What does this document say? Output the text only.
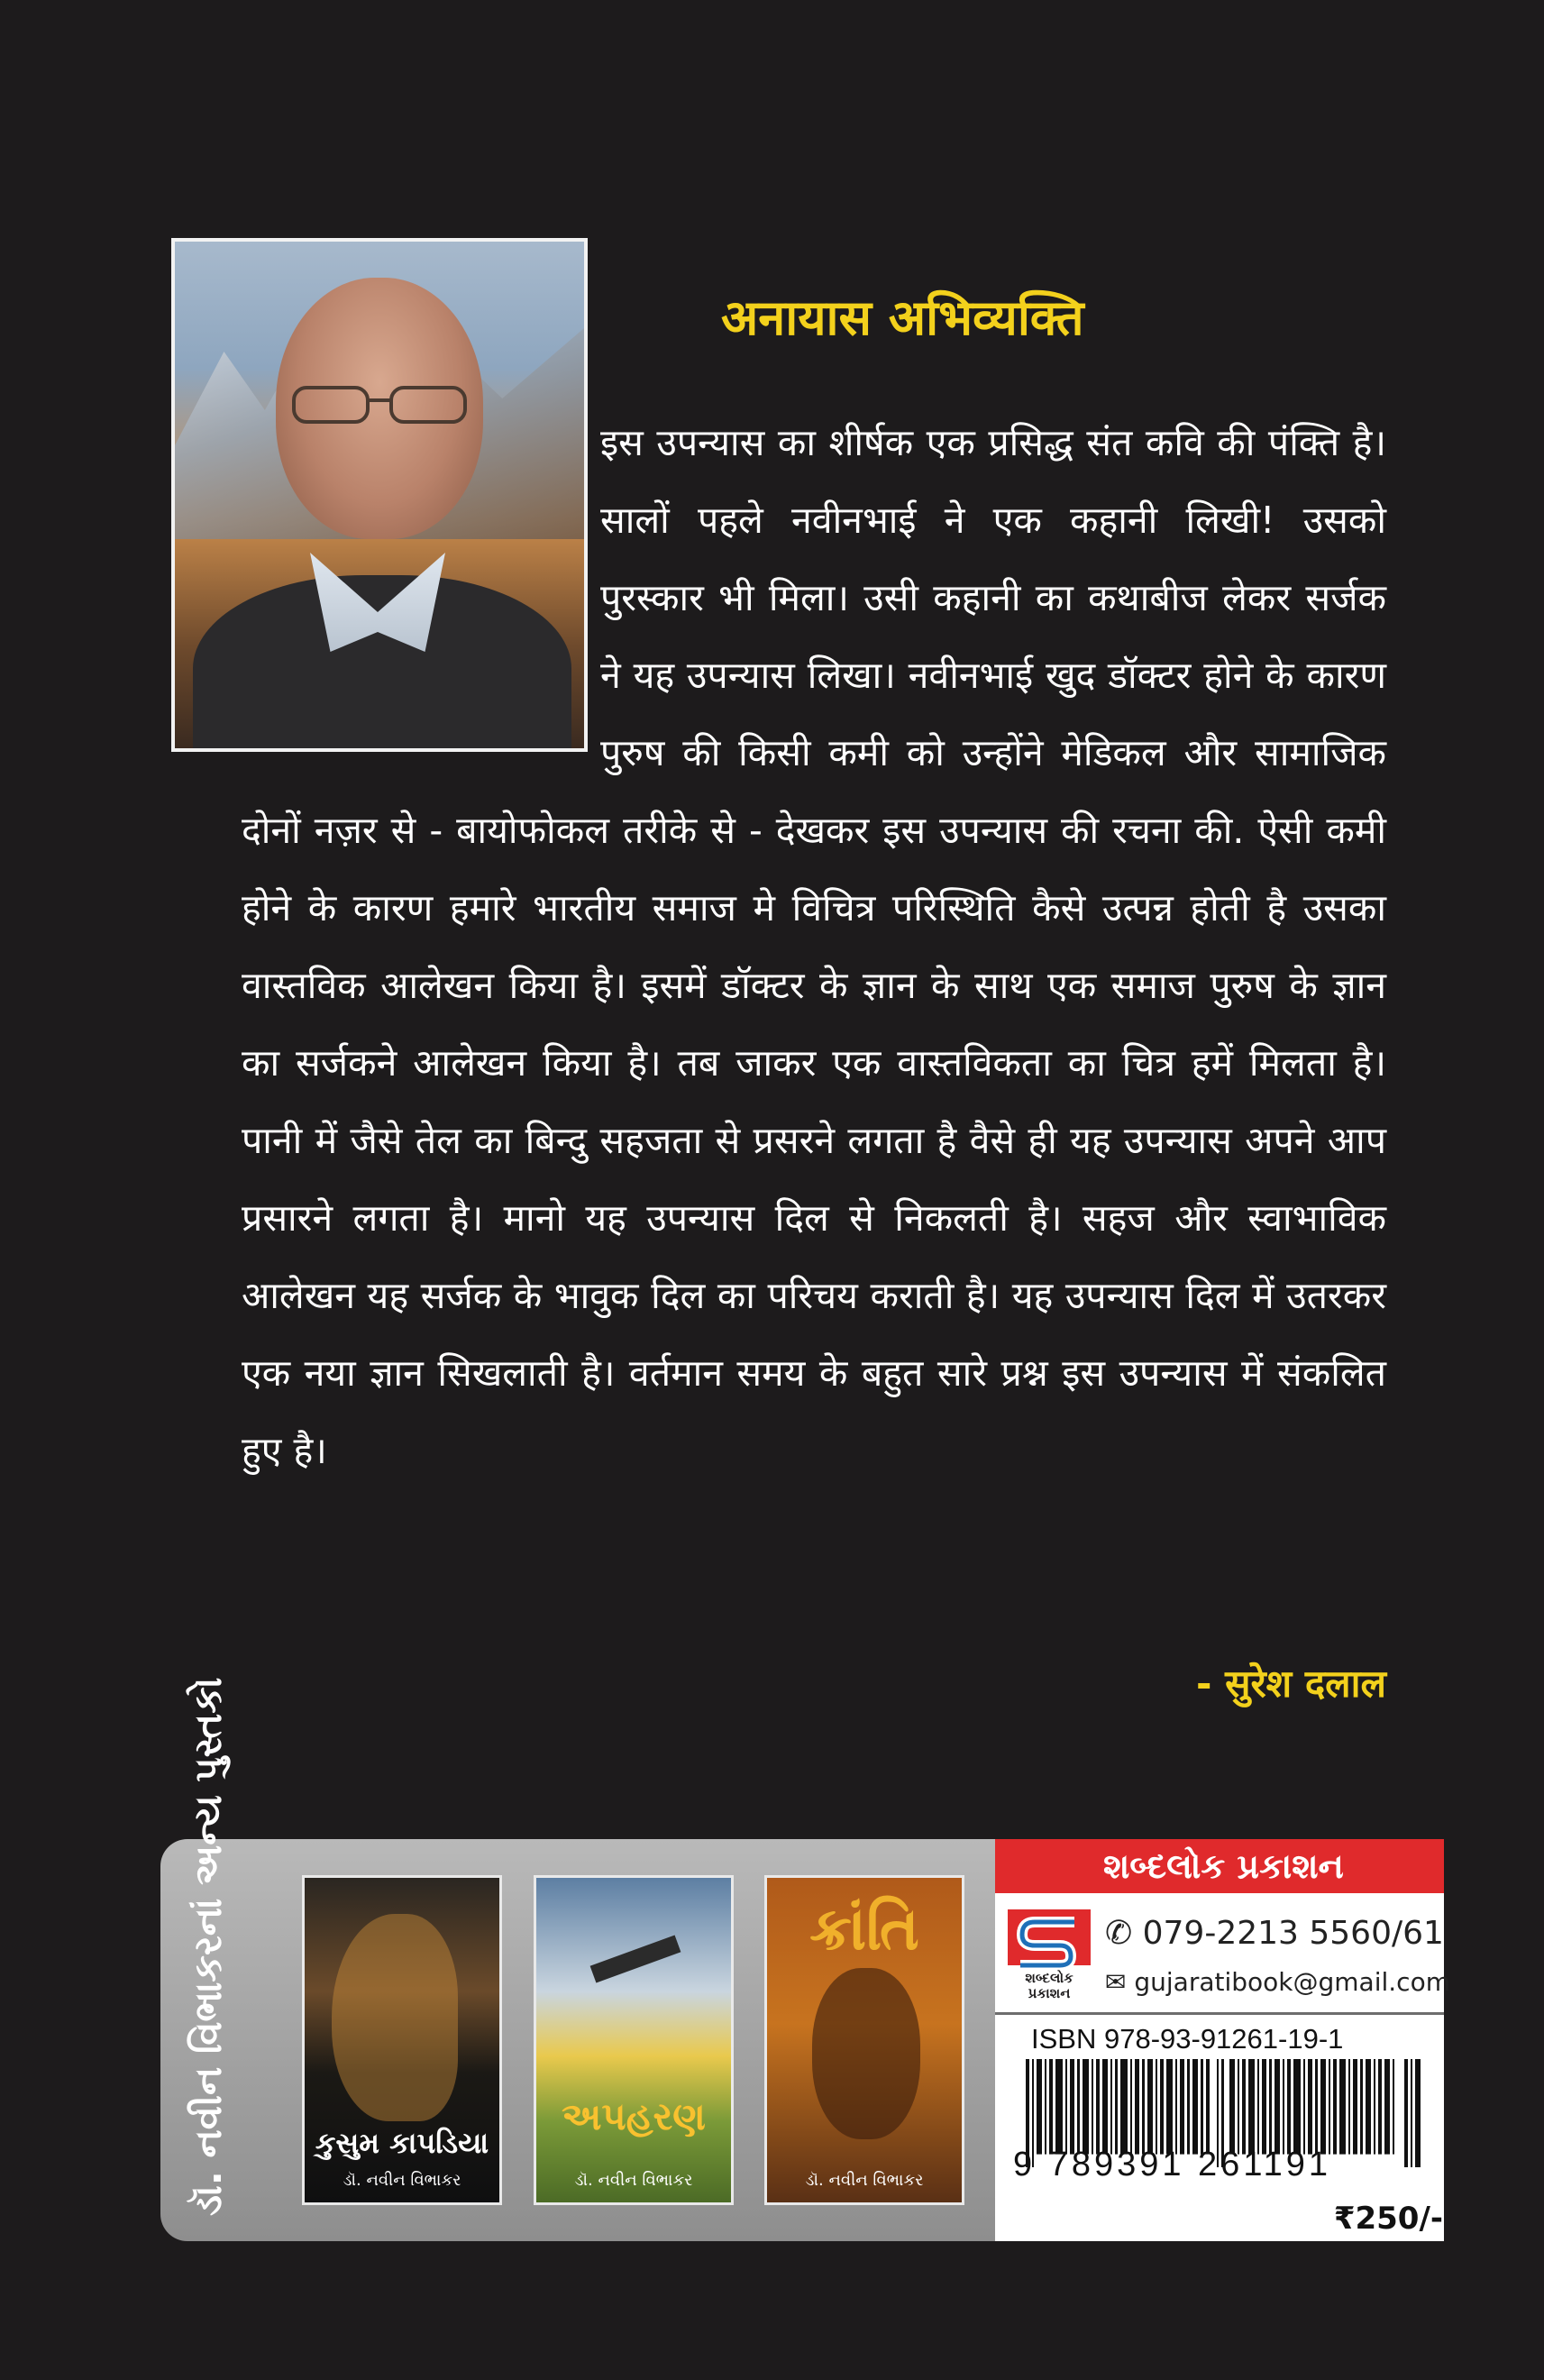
अनायास अभिव्यक्ति
इस उपन्यास का शीर्षक एक प्रसिद्ध संत कवि की पंक्ति है। सालों पहले नवीनभाई ने एक कहानी लिखी! उसको पुरस्कार भी मिला। उसी कहानी का कथाबीज लेकर सर्जक ने यह उपन्यास लिखा। नवीनभाई खुद डॉक्टर होने के कारण पुरुष की किसी कमी को उन्होंने मेडिकल और सामाजिक दोनों नज़र से - बायोफोकल तरीके से - देखकर इस उपन्यास की रचना की. ऐसी कमी होने के कारण हमारे भारतीय समाज मे विचित्र परिस्थिति कैसे उत्पन्न होती है उसका वास्तविक आलेखन किया है। इसमें डॉक्टर के ज्ञान के साथ एक समाज पुरुष के ज्ञान का सर्जकने आलेखन किया है। तब जाकर एक वास्तविकता का चित्र हमें मिलता है। पानी में जैसे तेल का बिन्दु सहजता से प्रसरने लगता है वैसे ही यह उपन्यास अपने आप प्रसारने लगता है। मानो यह उपन्यास दिल से निकलती है। सहज और स्वाभाविक आलेखन यह सर्जक के भावुक दिल का परिचय कराती है। यह उपन्यास दिल में उतरकर एक नया ज्ञान सिखलाती है। वर्तमान समय के बहुत सारे प्रश्न इस उपन्यास में संकलित हुए है।

- सुरेश दलाल

ડૉ. નવીન વિભાકરનાં અન્ય પુસ્તકો	કુસુમ કાપડિયા
ડૉ. નવીન વિભાકર
અપહરણ
ડૉ. નવીન વિભાકર
ક્રાંતિ
ડૉ. નવીન વિભાકર

શબ્દલોક પ્રકાશન

શબ્દલોક પ્રકાશન

✆ 079-2213 5560/61

✉ gujaratibook@gmail.com

ISBN 978-93-91261-19-1

9 789391 261191

₹250/-
